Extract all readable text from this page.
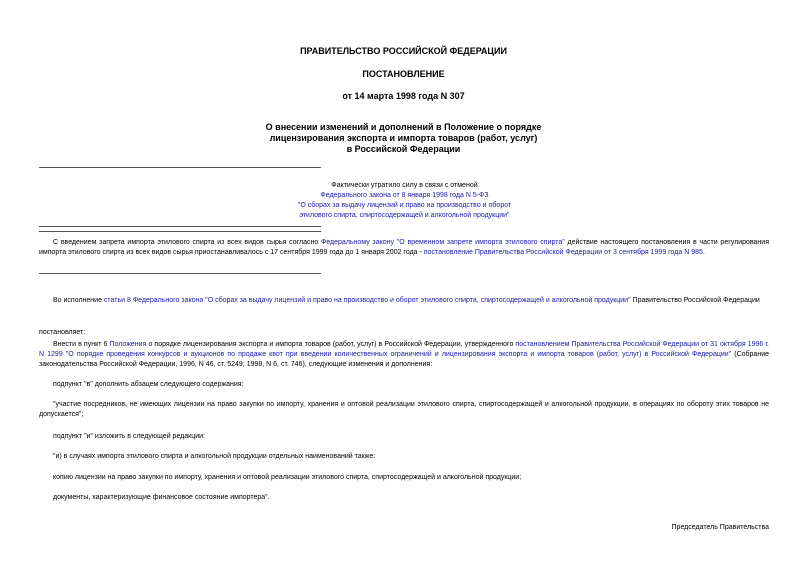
ПРАВИТЕЛЬСТВО РОССИЙСКОЙ ФЕДЕРАЦИИ
ПОСТАНОВЛЕНИЕ
от 14 марта 1998 года N 307
О внесении изменений и дополнений в Положение о порядке
лицензирования экспорта и импорта товаров (работ, услуг)
в Российской Федерации
Фактически утратило силу в связи с отменой
Федерального закона от 8 января 1998 года N 5-ФЗ
"О сборах за выдачу лицензий и право на производство и оборот
этилового спирта, спиртосодержащей и алкогольной продукции"
С введением запрета импорта этилового спирта из всех видов сырья согласно Федеральному закону "О временном запрете импорта этилового спирта" действие настоящего постановления в части регулирования импорта этилового спирта из всех видов сырья приостанавливалось с 17 сентября 1999 года до 1 января 2002 года - постановление Правительства Российской Федерации от 3 сентября 1999 года N 985.
Во исполнение статьи 8 Федерального закона "О сборах за выдачу лицензий и право на производство и оборот этилового спирта, спиртосодержащей и алкогольной продукции" Правительство Российской Федерации
постановляет:
Внести в пункт 6 Положения о порядке лицензирования экспорта и импорта товаров (работ, услуг) в Российской Федерации, утвержденного постановлением Правительства Российской Федерации от 31 октября 1996 г. N 1299 "О порядке проведения конкурсов и аукционов по продаже квот при введении количественных ограничений и лицензирования экспорта и импорта товаров (работ, услуг) в Российской Федерации" (Собрание законодательства Российской Федерации, 1996, N 46, ст. 5249; 1998, N 6, ст. 746), следующие изменения и дополнения:
подпункт "в" дополнить абзацем следующего содержания:
"участие посредников, не имеющих лицензии на право закупки по импорту, хранения и оптовой реализации этилового спирта, спиртосодержащей и алкогольной продукции, в операциях по обороту этих товаров не допускается";
подпункт "и" изложить в следующей редакции:
"и) в случаях импорта этилового спирта и алкогольной продукции отдельных наименований также:
копию лицензии на право закупки по импорту, хранения и оптовой реализации этилового спирта, спиртосодержащей и алкогольной продукции;
документы, характеризующие финансовое состояние импортера".
Председатель Правительства
